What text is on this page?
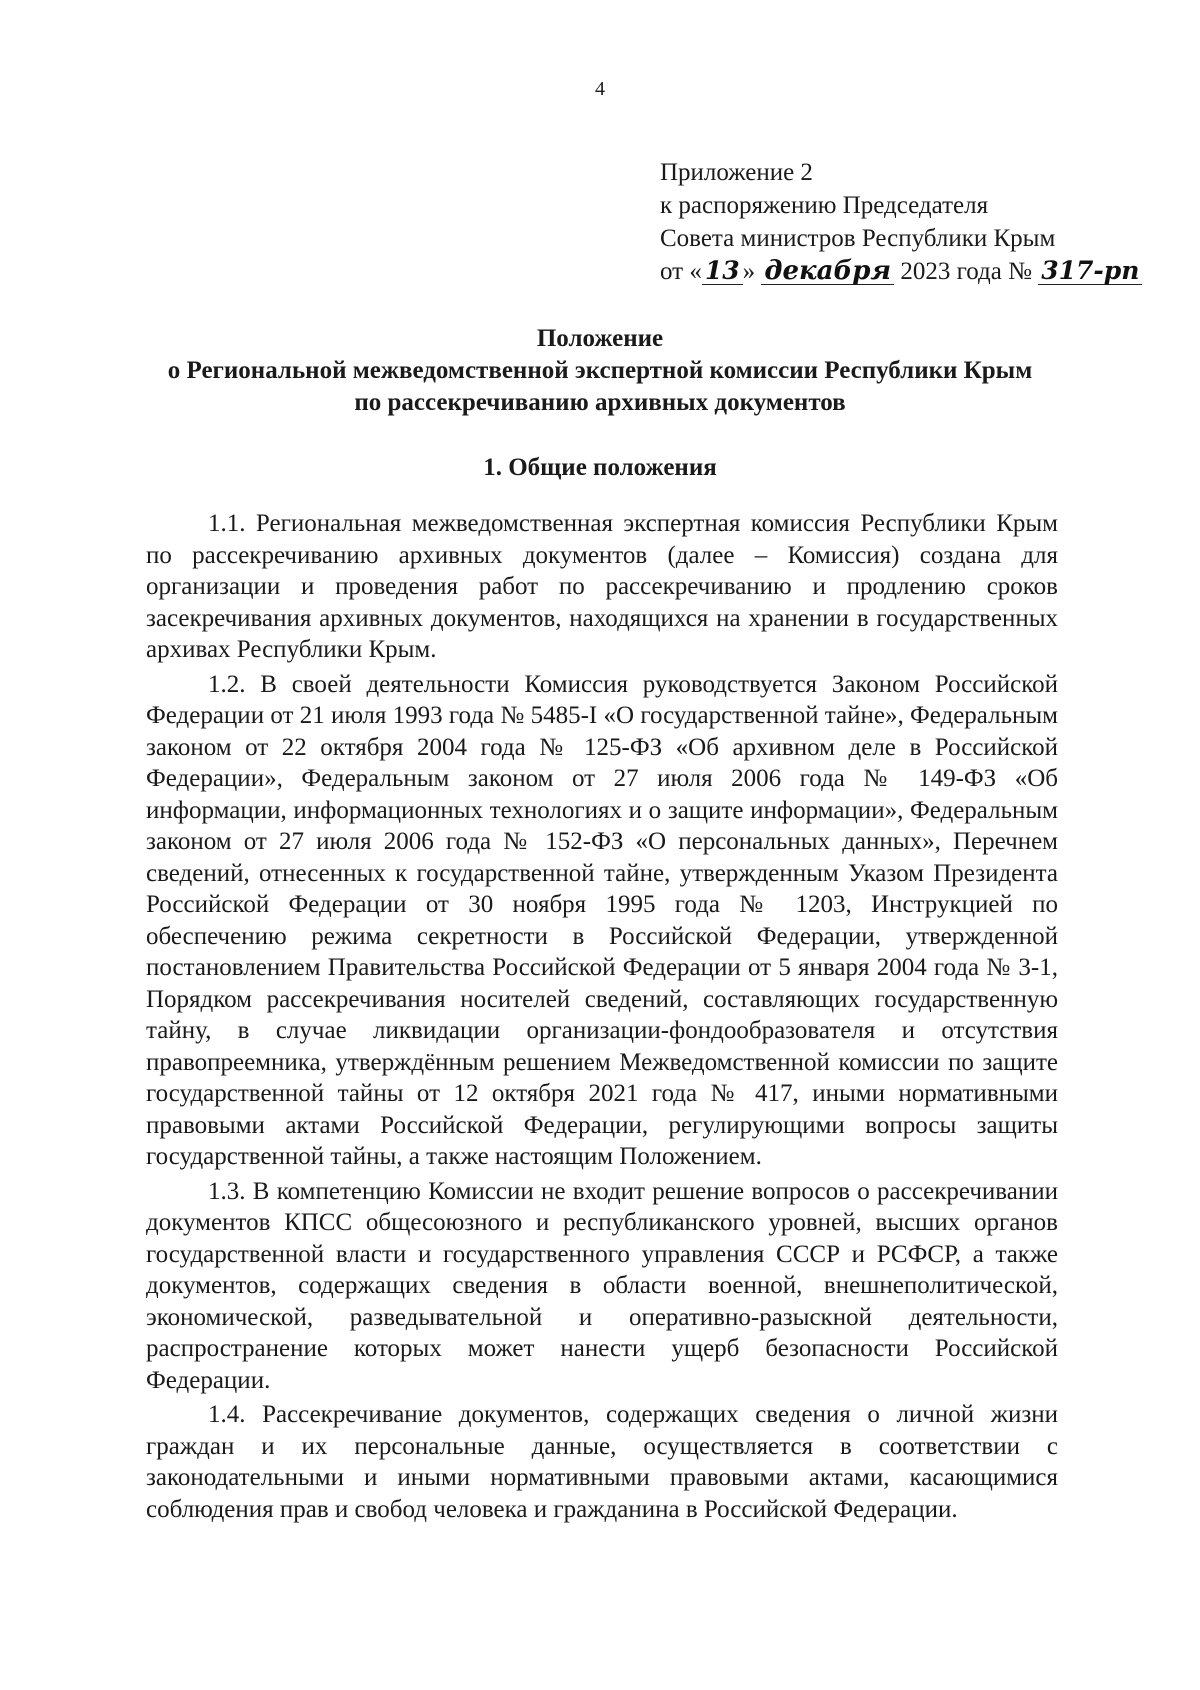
4
Приложение 2
к распоряжению Председателя
Совета министров Республики Крым
от « 13 » декабря 2023 года № 317-рп
Положение
о Региональной межведомственной экспертной комиссии Республики Крым
по рассекречиванию архивных документов
1. Общие положения

1.1. Региональная межведомственная экспертная комиссия Республики Крым по рассекречиванию архивных документов (далее – Комиссия) создана для организации и проведения работ по рассекречиванию и продлению сроков засекречивания архивных документов, находящихся на хранении в государственных архивах Республики Крым.

1.2. В своей деятельности Комиссия руководствуется Законом Российской Федерации от 21 июля 1993 года № 5485-I «О государственной тайне», Федеральным законом от 22 октября 2004 года № 125-ФЗ «Об архивном деле в Российской Федерации», Федеральным законом от 27 июля 2006 года № 149-ФЗ «Об информации, информационных технологиях и о защите информации», Федеральным законом от 27 июля 2006 года № 152-ФЗ «О персональных данных», Перечнем сведений, отнесенных к государственной тайне, утвержденным Указом Президента Российской Федерации от 30 ноября 1995 года № 1203, Инструкцией по обеспечению режима секретности в Российской Федерации, утвержденной постановлением Правительства Российской Федерации от 5 января 2004 года № 3-1, Порядком рассекречивания носителей сведений, составляющих государственную тайну, в случае ликвидации организации-фондообразователя и отсутствия правопреемника, утверждённым решением Межведомственной комиссии по защите государственной тайны от 12 октября 2021 года № 417, иными нормативными правовыми актами Российской Федерации, регулирующими вопросы защиты государственной тайны, а также настоящим Положением.

1.3. В компетенцию Комиссии не входит решение вопросов о рассекречивании документов КПСС общесоюзного и республиканского уровней, высших органов государственной власти и государственного управления СССР и РСФСР, а также документов, содержащих сведения в области военной, внешнеполитической, экономической, разведывательной и оперативно-разыскной деятельности, распространение которых может нанести ущерб безопасности Российской Федерации.

1.4. Рассекречивание документов, содержащих сведения о личной жизни граждан и их персональные данные, осуществляется в соответствии с законодательными и иными нормативными правовыми актами, касающимися соблюдения прав и свобод человека и гражданина в Российской Федерации.
